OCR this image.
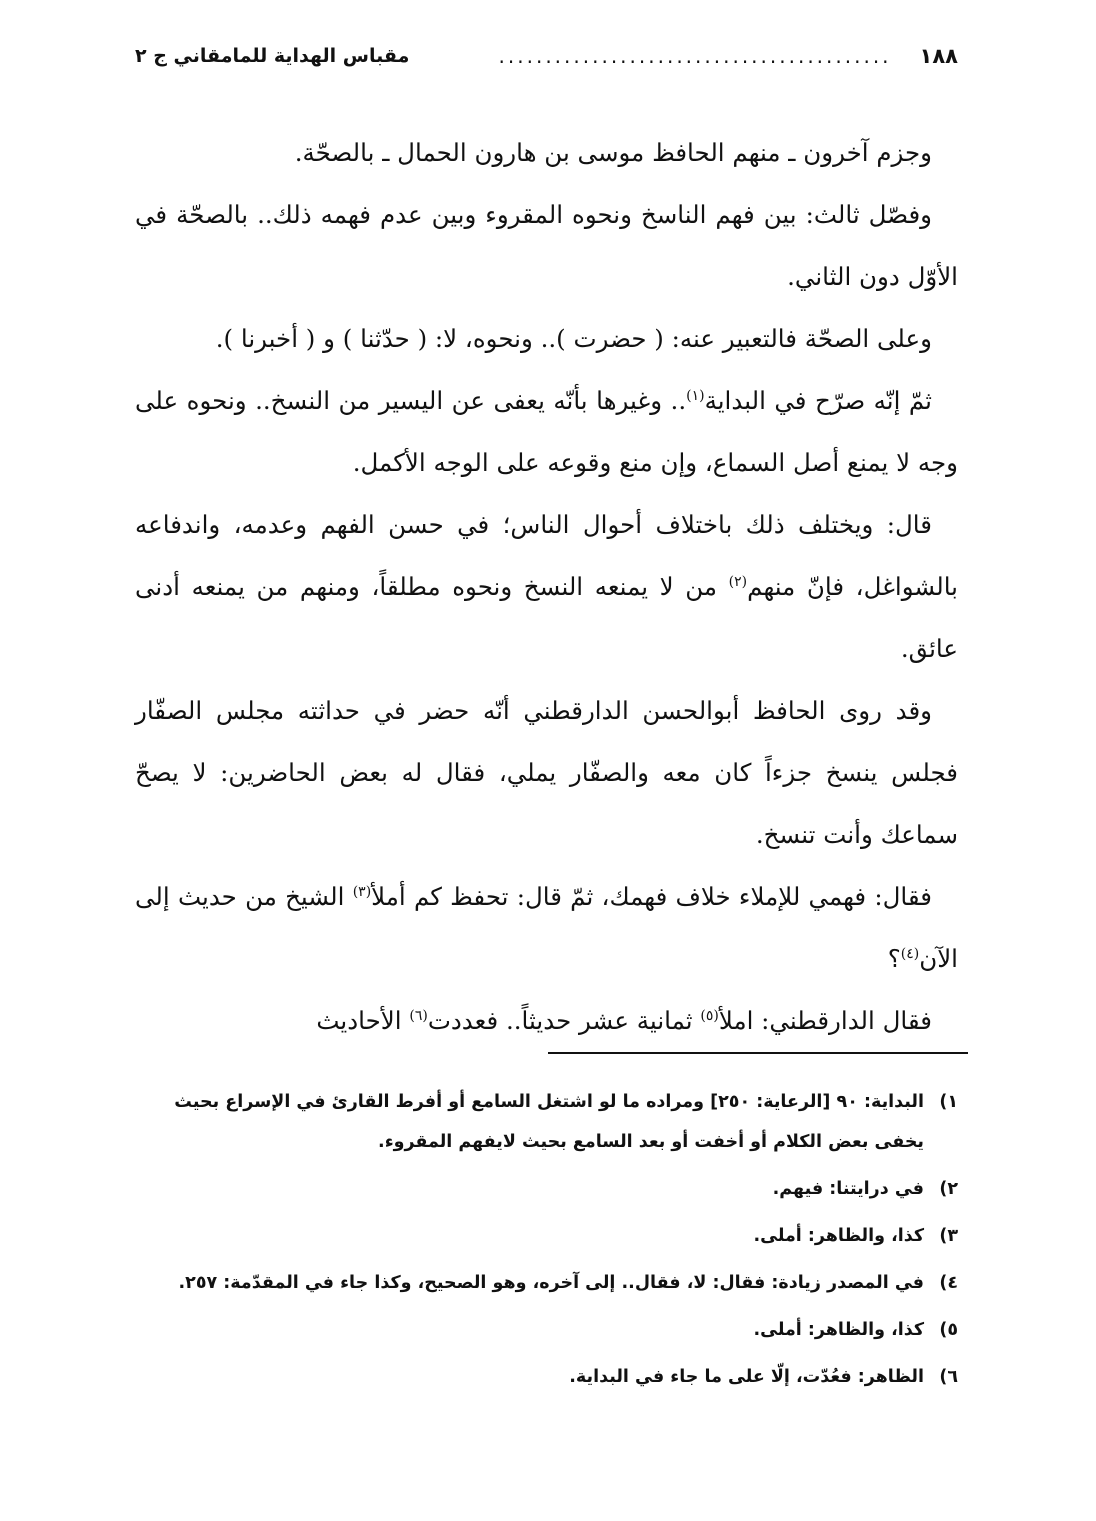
١٨٨
..........................................
مقباس الهداية للمامقاني ج ٢

وجزم آخرون ـ منهم الحافظ موسى بن هارون الحمال ـ بالصحّة.

وفصّل ثالث: بين فهم الناسخ ونحوه المقروء وبين عدم فهمه ذلك.. بالصحّة في الأوّل دون الثاني.

وعلى الصحّة فالتعبير عنه: ( حضرت ).. ونحوه، لا: ( حدّثنا ) و ( أخبرنا ).

ثمّ إنّه صرّح في البداية$^{(١)}$.. وغيرها بأنّه يعفى عن اليسير من النسخ.. ونحوه على وجه لا يمنع أصل السماع، وإن منع وقوعه على الوجه الأكمل.

قال: ويختلف ذلك باختلاف أحوال الناس؛ في حسن الفهم وعدمه، واندفاعه بالشواغل، فإنّ منهم$^{(٢)}$ من لا يمنعه النسخ ونحوه مطلقاً، ومنهم من يمنعه أدنى عائق.

وقد روى الحافظ أبوالحسن الدارقطني أنّه حضر في حداثته مجلس الصفّار فجلس ينسخ جزءاً كان معه والصفّار يملي، فقال له بعض الحاضرين: لا يصحّ سماعك وأنت تنسخ.

فقال: فهمي للإملاء خلاف فهمك، ثمّ قال: تحفظ كم أملأ$^{(٣)}$ الشيخ من حديث إلى الآن$^{(٤)}$؟

فقال الدارقطني: املأ$^{(٥)}$ ثمانية عشر حديثاً.. فعددت$^{(٦)}$ الأحاديث

١)
البداية: ٩٠ [الرعاية: ٢٥٠] ومراده ما لو اشتغل السامع أو أفرط القارئ في الإسراع بحيث يخفى بعض الكلام أو أخفت أو بعد السامع بحيث لايفهم المقروء.
٢)
في درايتنا: فيهم.
٣)
كذا، والظاهر: أملى.
٤)
في المصدر زيادة: فقال: لا، فقال.. إلى آخره، وهو الصحيح، وكذا جاء في المقدّمة: ٢٥٧.
٥)
كذا، والظاهر: أملى.
٦)
الظاهر: فعُدّت، إلّا على ما جاء في البداية.
